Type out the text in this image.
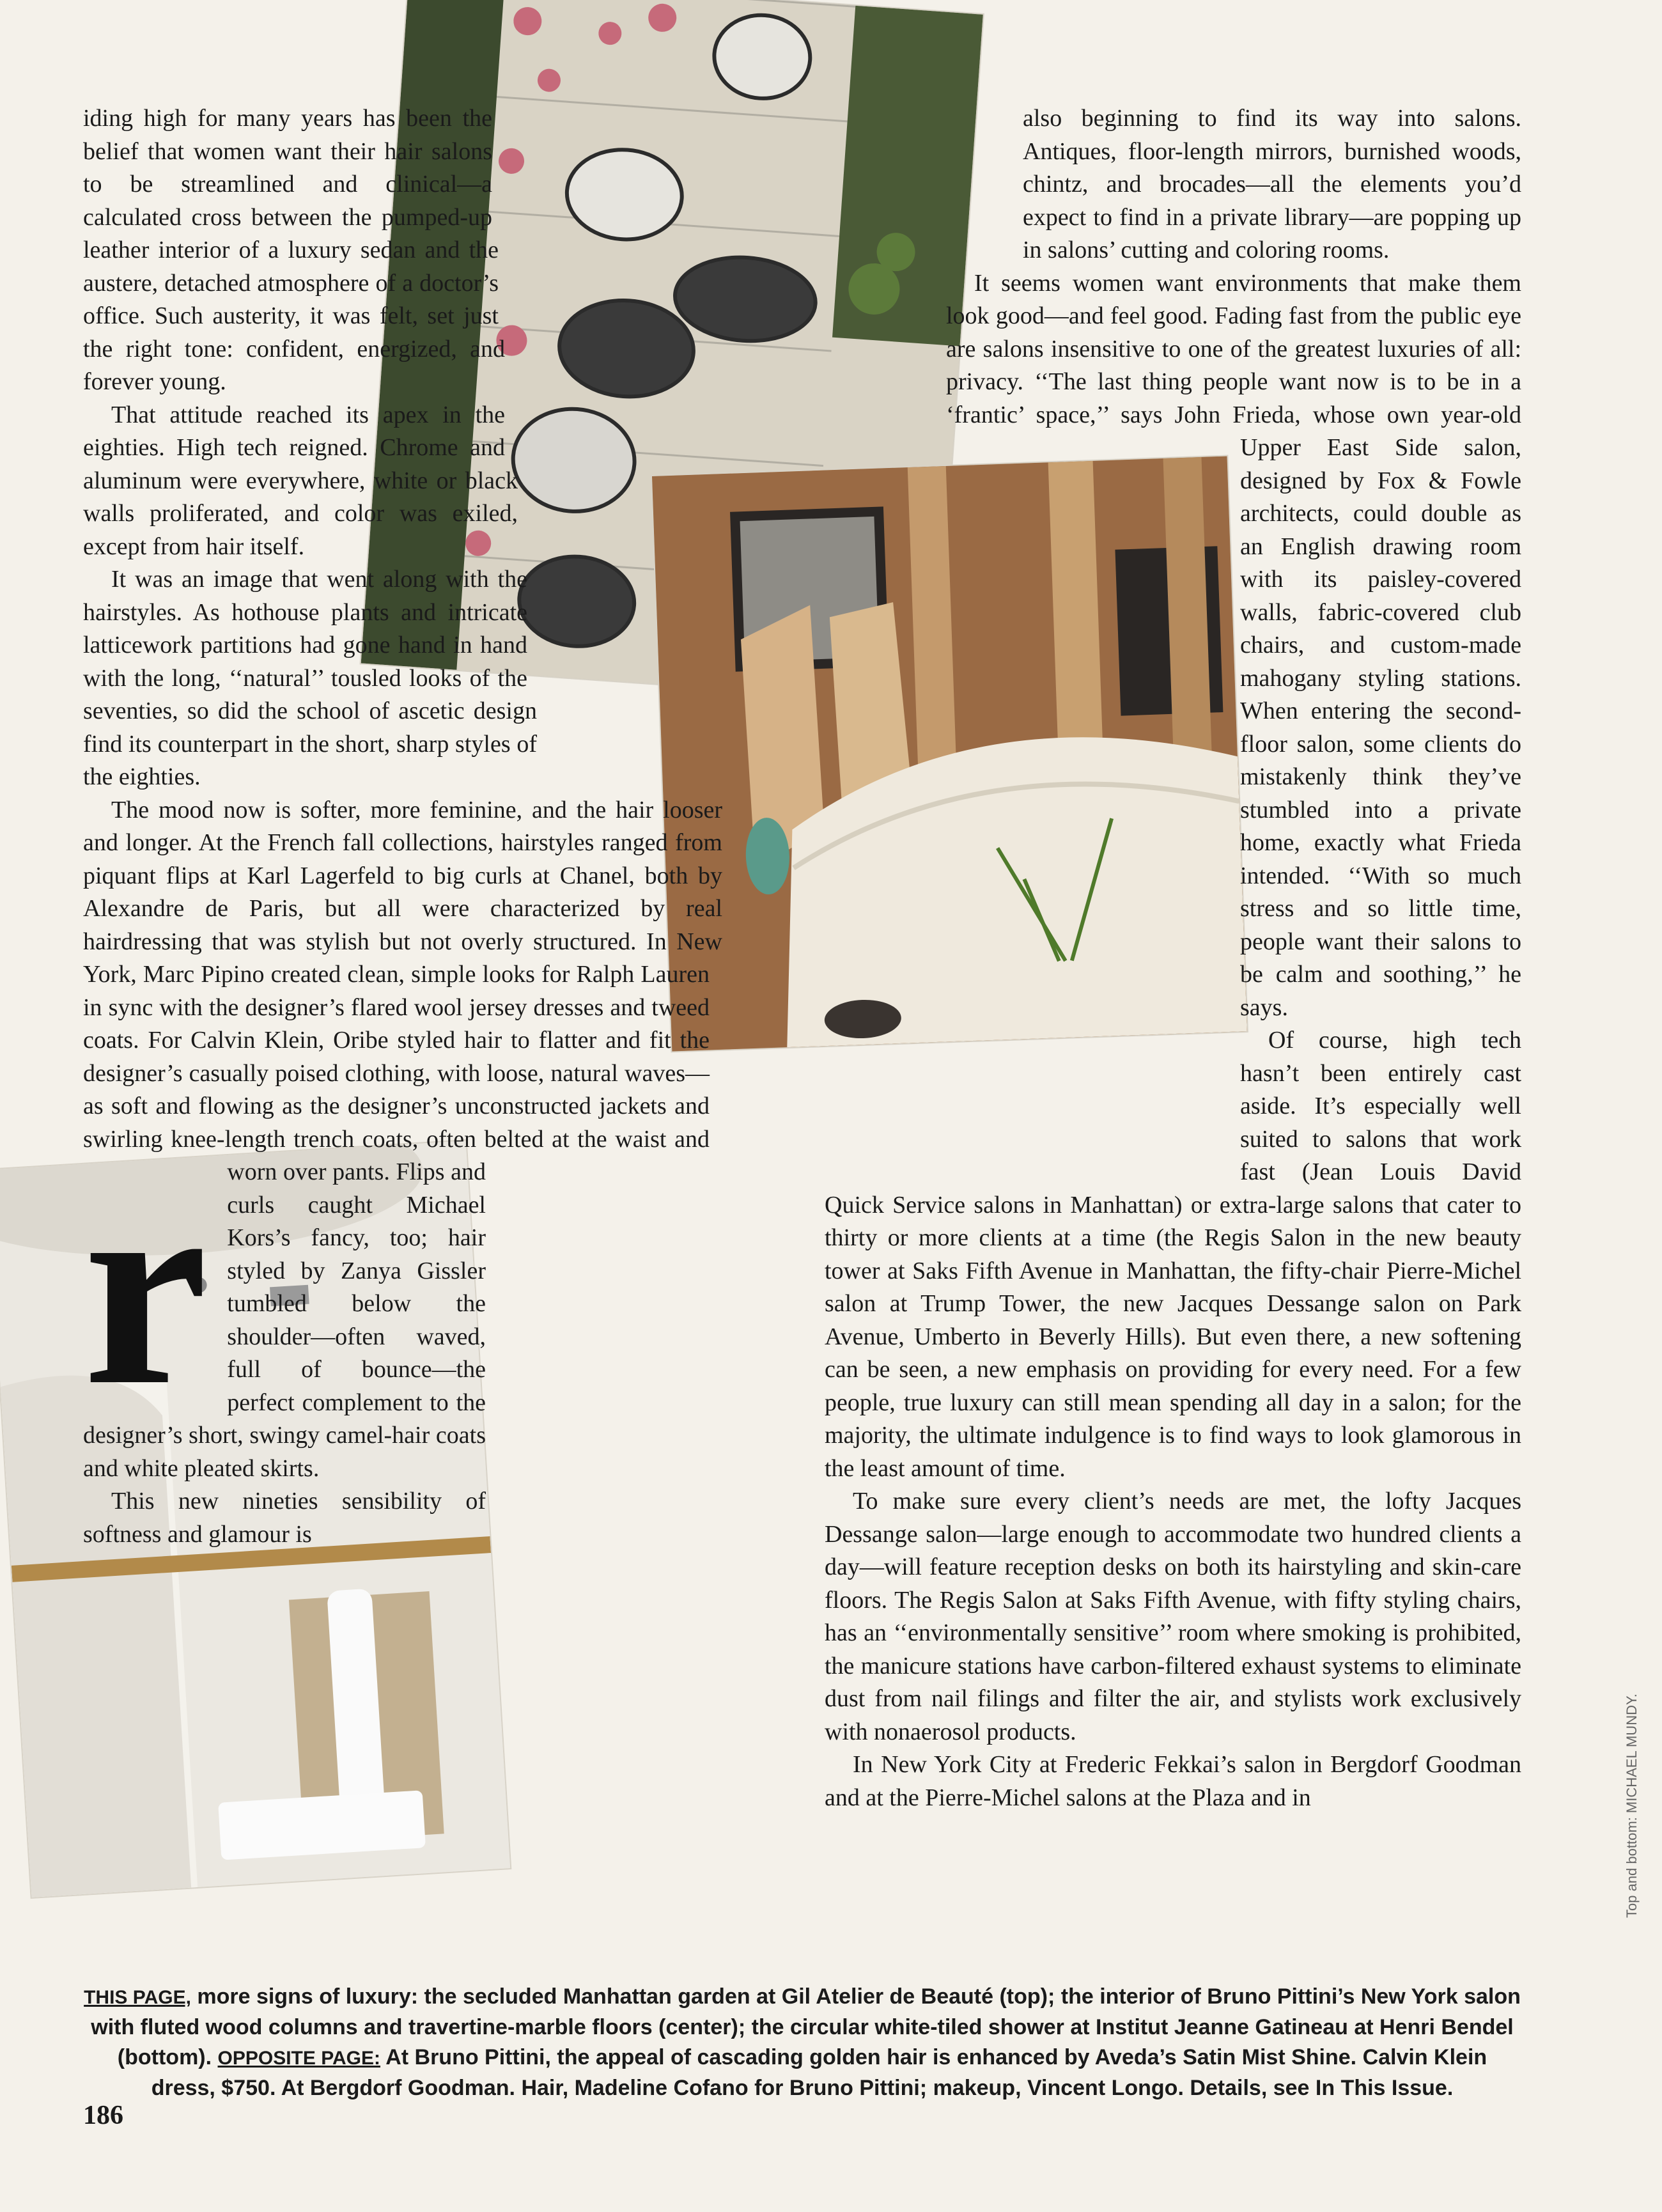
r

iding high for many years has been the belief that women want their hair salons to be streamlined and clinical—a calculated cross between the pumped-up leather interior of a luxury sedan and the austere, detached atmosphere of a doctor’s office. Such austerity, it was felt, set just the right tone: confident, energized, and forever young.

That attitude reached its apex in the eighties. High tech reigned. Chrome and aluminum were everywhere, white or black walls proliferated, and color was exiled, except from hair itself.

It was an image that went along with the hairstyles. As hothouse plants and intricate latticework partitions had gone hand in hand with the long, ‘‘natural’’ tousled looks of the seventies, so did the school of ascetic design find its counterpart in the short, sharp styles of the eighties.

The mood now is softer, more feminine, and the hair looser and longer. At the French fall collections, hairstyles ranged from piquant flips at Karl Lagerfeld to big curls at Chanel, both by Alexandre de Paris, but all were characterized by real hairdressing that was stylish but not overly structured. In New York, Marc Pipino created clean, simple looks for Ralph Lauren in sync with the designer’s flared wool jersey dresses and tweed coats. For Calvin Klein, Oribe styled hair to flatter and fit the designer’s casually poised clothing, with loose, natural waves—as soft and flowing as the designer’s unconstructed jackets and swirling knee-length trench coats, often belted at the waist and worn over pants. Flips and curls caught Michael Kors’s fancy, too; hair styled by Zanya Gissler tumbled below the shoulder—often waved, full of bounce—the perfect complement to the designer’s short, swingy camel-hair coats and white pleated skirts.

This new nineties sensibility of softness and glamour is

also beginning to find its way into salons. Antiques, floor-length mirrors, burnished woods, chintz, and brocades—all the elements you’d expect to find in a private library—are popping up in salons’ cutting and coloring rooms.

It seems women want environments that make them look good—and feel good. Fading fast from the public eye are salons insensitive to one of the greatest luxuries of all: privacy. ‘‘The last thing people want now is to be in a ‘frantic’ space,’’ says John Frieda, whose own year-old Upper East Side salon, designed by Fox & Fowle architects, could double as an English drawing room with its paisley-covered walls, fabric-covered club chairs, and custom-made mahogany styling stations. When entering the second-floor salon, some clients do mistakenly think they’ve stumbled into a private home, exactly what Frieda intended. ‘‘With so much stress and so little time, people want their salons to be calm and soothing,’’ he says.

Of course, high tech hasn’t been entirely cast aside. It’s especially well suited to salons that work fast (Jean Louis David Quick Service salons in Manhattan) or extra-large salons that cater to thirty or more clients at a time (the Regis Salon in the new beauty tower at Saks Fifth Avenue in Manhattan, the fifty-chair Pierre-Michel salon at Trump Tower, the new Jacques Dessange salon on Park Avenue, Umberto in Beverly Hills). But even there, a new softening can be seen, a new emphasis on providing for every need. For a few people, true luxury can still mean spending all day in a salon; for the majority, the ultimate indulgence is to find ways to look glamorous in the least amount of time.

To make sure every client’s needs are met, the lofty Jacques Dessange salon—large enough to accommodate two hundred clients a day—will feature reception desks on both its hairstyling and skin-care floors. The Regis Salon at Saks Fifth Avenue, with fifty styling chairs, has an ‘‘environmentally sensitive’’ room where smoking is prohibited, the manicure stations have carbon-filtered exhaust systems to eliminate dust from nail filings and filter the air, and stylists work exclusively with nonaerosol products.

In New York City at Frederic Fekkai’s salon in Bergdorf Goodman and at the Pierre-Michel salons at the Plaza and in

THIS PAGE, more signs of luxury: the secluded Manhattan garden at Gil Atelier de Beauté (top); the interior of Bruno Pittini’s New York salon with fluted wood columns and travertine-marble floors (center); the circular white-tiled shower at Institut Jeanne Gatineau at Henri Bendel (bottom). OPPOSITE PAGE: At Bruno Pittini, the appeal of cascading golden hair is enhanced by Aveda’s Satin Mist Shine. Calvin Klein dress, $750. At Bergdorf Goodman. Hair, Madeline Cofano for Bruno Pittini; makeup, Vincent Longo. Details, see In This Issue.
186
Top and bottom: MICHAEL MUNDY.
